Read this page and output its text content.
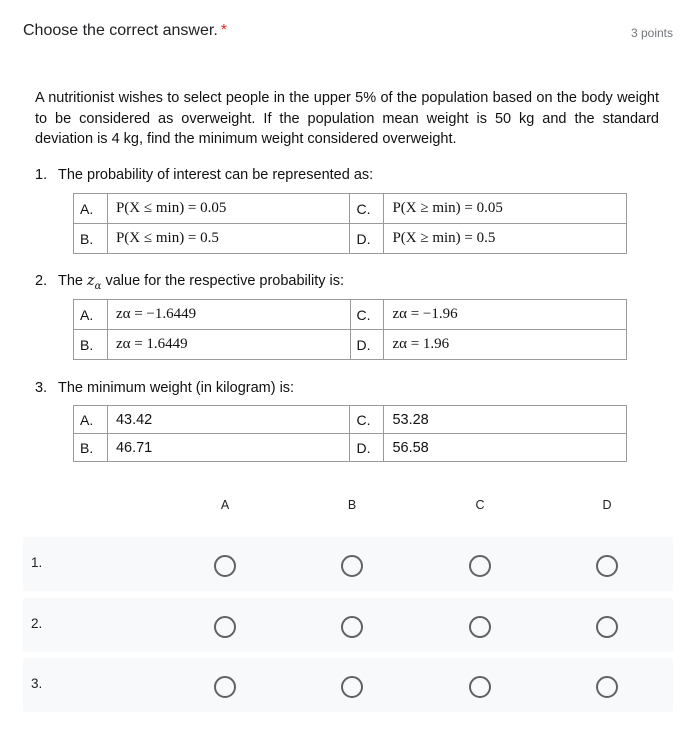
Choose the correct answer. *	3 points
A nutritionist wishes to select people in the upper 5% of the population based on the body weight to be considered as overweight. If the population mean weight is 50 kg and the standard deviation is 4 kg, find the minimum weight considered overweight.
1. The probability of interest can be represented as:
A.	P(X ≤ min) = 0.05	C.	P(X ≥ min) = 0.05
B.	P(X ≤ min) = 0.5	D.	P(X ≥ min) = 0.5
2. The $z_\alpha$ value for the respective probability is:
A.	zα = −1.6449	C.	zα = −1.96
B.	zα = 1.6449	D.	zα = 1.96
3. The minimum weight (in kilogram) is:
A.	43.42	C.	53.28
B.	46.71	D.	56.58
A	B	C	D
1.
2.
3.
